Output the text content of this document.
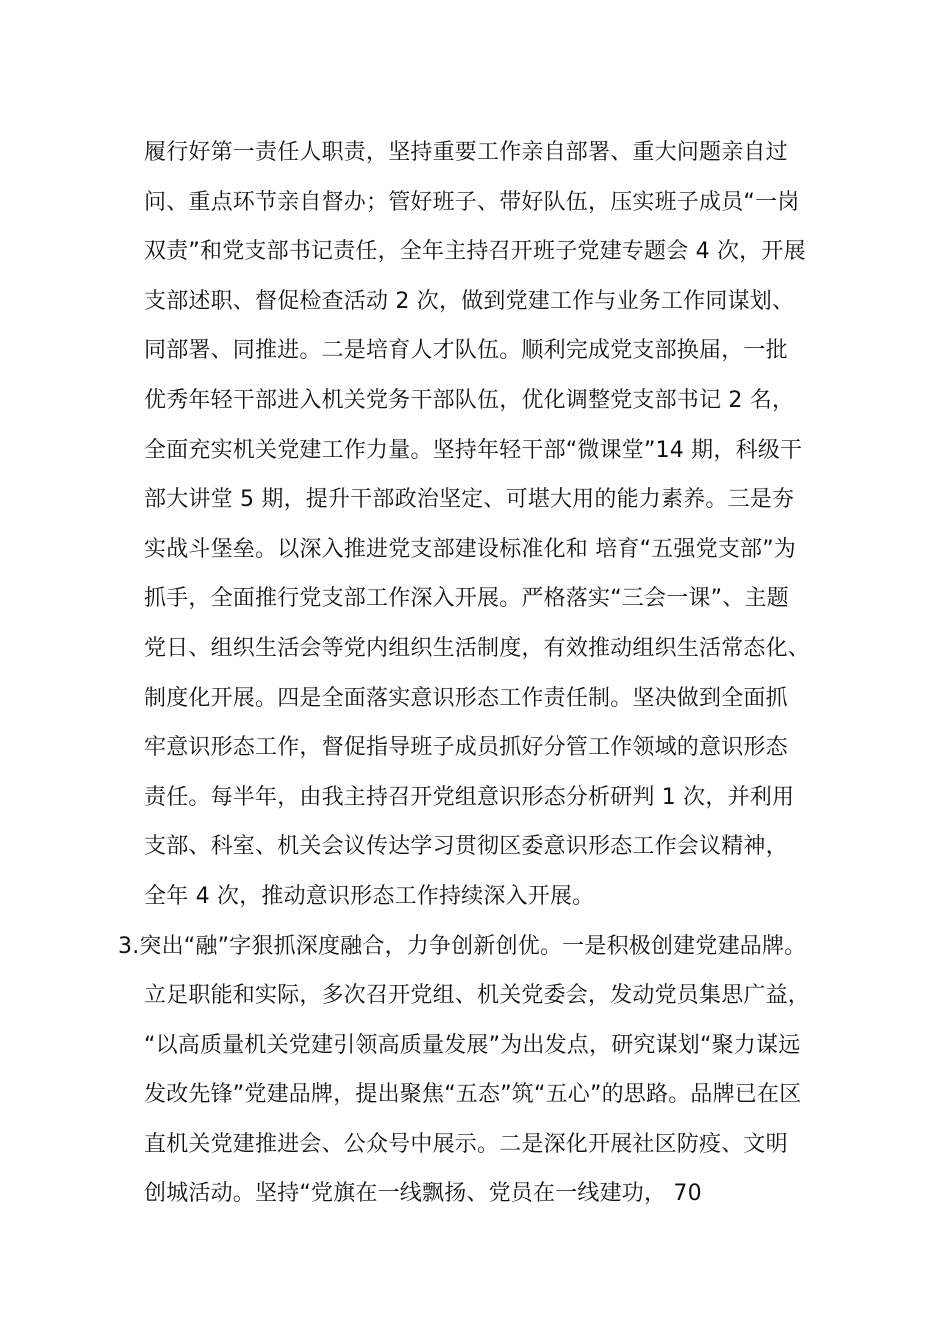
履行好第一责任人职责，坚持重要工作亲自部署、重大问题亲自过
问、重点环节亲自督办；管好班子、带好队伍，压实班子成员“一岗
双责”和党支部书记责任，全年主持召开班子党建专题会 4 次，开展
支部述职、督促检查活动 2 次，做到党建工作与业务工作同谋划、
同部署、同推进。二是培育人才队伍。顺利完成党支部换届，一批
优秀年轻干部进入机关党务干部队伍，优化调整党支部书记 2 名，
全面充实机关党建工作力量。坚持年轻干部“微课堂”14 期，科级干
部大讲堂 5 期，提升干部政治坚定、可堪大用的能力素养。三是夯
实战斗堡垒。以深入推进党支部建设标准化和 培育“五强党支部”为
抓手，全面推行党支部工作深入开展。严格落实“三会一课”、主题
党日、组织生活会等党内组织生活制度，有效推动组织生活常态化、
制度化开展。四是全面落实意识形态工作责任制。坚决做到全面抓
牢意识形态工作，督促指导班子成员抓好分管工作领域的意识形态
责任。每半年，由我主持召开党组意识形态分析研判 1 次，并利用
支部、科室、机关会议传达学习贯彻区委意识形态工作会议精神，
全年 4 次，推动意识形态工作持续深入开展。
3.突出“融”字狠抓深度融合，力争创新创优。一是积极创建党建品牌。
立足职能和实际，多次召开党组、机关党委会，发动党员集思广益，
“以高质量机关党建引领高质量发展”为出发点，研究谋划“聚力谋远
发改先锋”党建品牌，提出聚焦“五态”筑“五心”的思路。品牌已在区
直机关党建推进会、公众号中展示。二是深化开展社区防疫、文明
创城活动。坚持“党旗在一线飘扬、党员在一线建功， 70
